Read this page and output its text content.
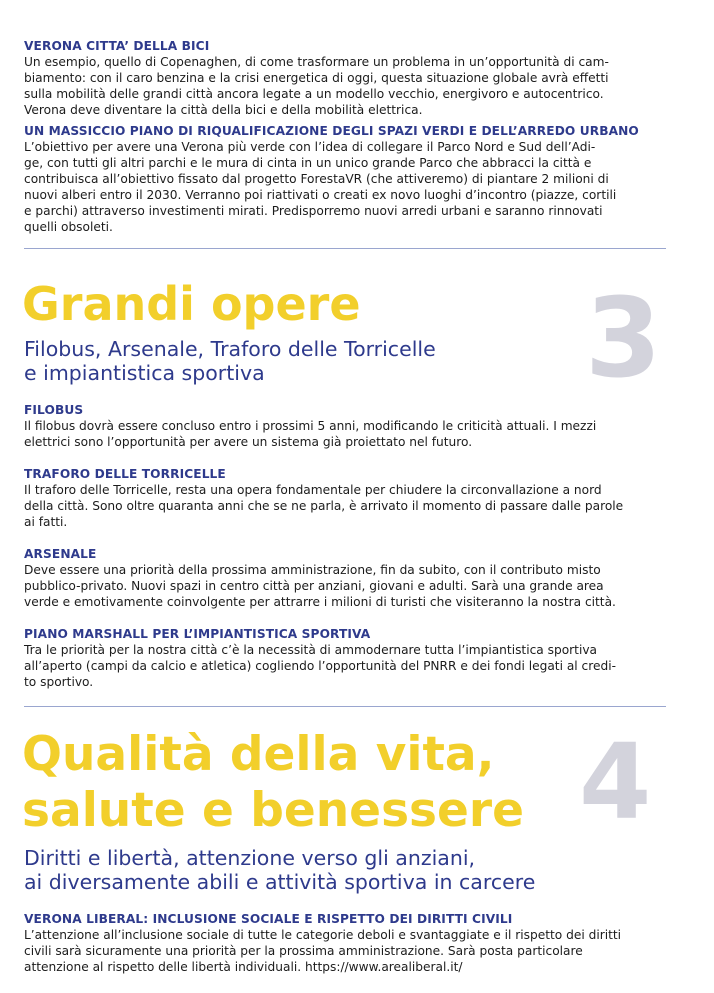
VERONA CITTA’ DELLA BICI
Un esempio, quello di Copenaghen, di come trasformare un problema in un’opportunità di cam-
biamento: con il caro benzina e la crisi energetica di oggi, questa situazione globale avrà effetti
sulla mobilità delle grandi città ancora legate a un modello vecchio, energivoro e autocentrico.
Verona deve diventare la città della bici e della mobilità elettrica.
UN MASSICCIO PIANO DI RIQUALIFICAZIONE DEGLI SPAZI VERDI E DELL’ARREDO URBANO
L’obiettivo per avere una Verona più verde con l’idea di collegare il Parco Nord e Sud dell’Adi-
ge, con tutti gli altri parchi e le mura di cinta in un unico grande Parco che abbracci la città e
contribuisca all’obiettivo fissato dal progetto ForestaVR (che attiveremo) di piantare 2 milioni di
nuovi alberi entro il 2030. Verranno poi riattivati o creati ex novo luoghi d’incontro (piazze, cortili
e parchi) attraverso investimenti mirati. Predisporremo nuovi arredi urbani e saranno rinnovati
quelli obsoleti.
3
Grandi opere
Filobus, Arsenale, Traforo delle Torricelle
e impiantistica sportiva
FILOBUS
Il filobus dovrà essere concluso entro i prossimi 5 anni, modificando le criticità attuali. I mezzi
elettrici sono l’opportunità per avere un sistema già proiettato nel futuro.
TRAFORO DELLE TORRICELLE
Il traforo delle Torricelle, resta una opera fondamentale per chiudere la circonvallazione a nord
della città. Sono oltre quaranta anni che se ne parla, è arrivato il momento di passare dalle parole
ai fatti.
ARSENALE
Deve essere una priorità della prossima amministrazione, fin da subito, con il contributo misto
pubblico-privato. Nuovi spazi in centro città per anziani, giovani e adulti. Sarà una grande area
verde e emotivamente coinvolgente per attrarre i milioni di turisti che visiteranno la nostra città.
PIANO MARSHALL PER L’IMPIANTISTICA SPORTIVA
Tra le priorità per la nostra città c’è la necessità di ammodernare tutta l’impiantistica sportiva
all’aperto (campi da calcio e atletica) cogliendo l’opportunità del PNRR e dei fondi legati al credi-
to sportivo.
4
Qualità della vita,
salute e benessere
Diritti e libertà, attenzione verso gli anziani,
ai diversamente abili e attività sportiva in carcere
VERONA LIBERAL: INCLUSIONE SOCIALE E RISPETTO DEI DIRITTI CIVILI
L’attenzione all’inclusione sociale di tutte le categorie deboli e svantaggiate e il rispetto dei diritti
civili sarà sicuramente una priorità per la prossima amministrazione. Sarà posta particolare
attenzione al rispetto delle libertà individuali. https://www.arealiberal.it/
